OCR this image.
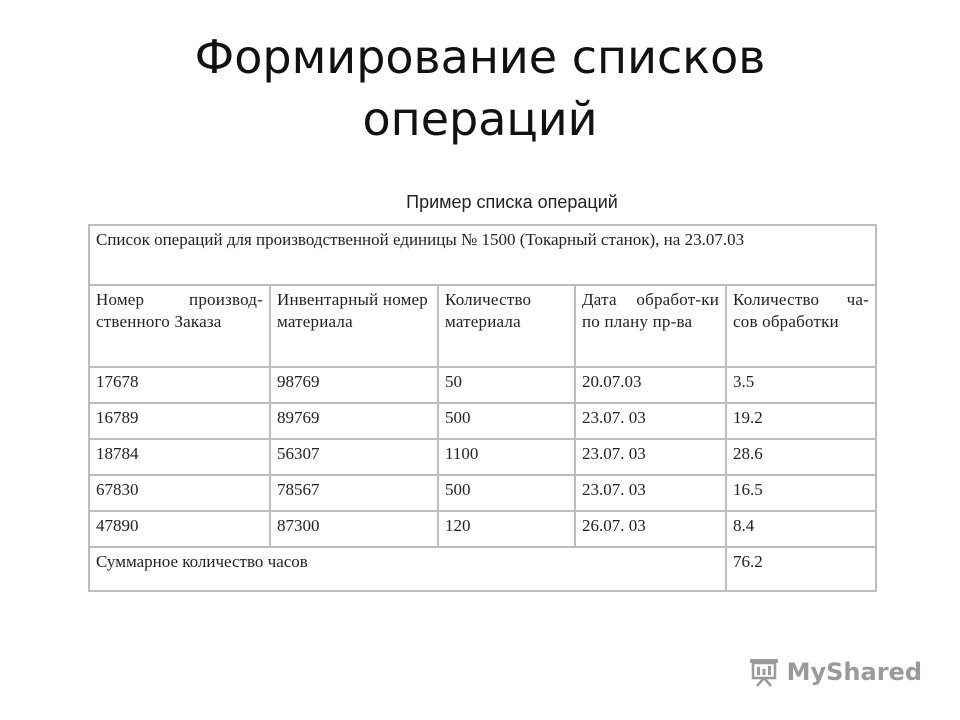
Формирование списков
операций
Пример списка операций
Список операций для производственной единицы № 1500 (Токарный станок), на 23.07.03				
Номер производ-ственного Заказа	Инвентарный номер материала	Количество материала	Дата обработ-ки по плану пр-ва	Количество ча-сов обработки
17678	98769	50	20.07.03	3.5
16789	89769	500	23.07. 03	19.2
18784	56307	1100	23.07. 03	28.6
67830	78567	500	23.07. 03	16.5
47890	87300	120	26.07. 03	8.4
Суммарное количество часов				76.2
MyShared
